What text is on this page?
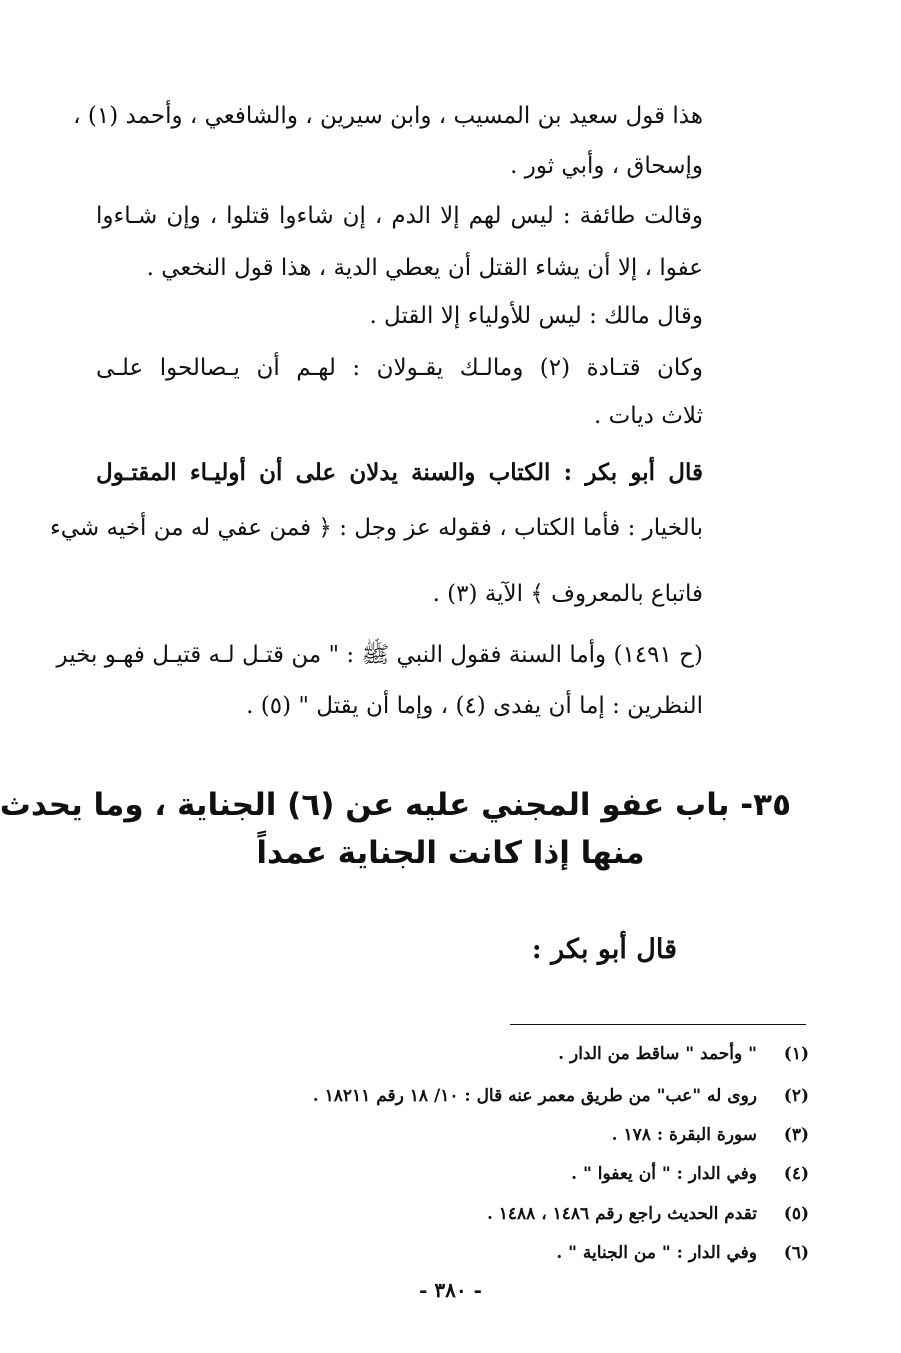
هذا قول سعيد بن المسيب ، وابن سيرين ، والشافعي ، وأحمد (١) ،

وإسحاق ، وأبي ثور .

وقالت طائفة : ليس لهم إلا الدم ، إن شاءوا قتلوا ، وإن شـاءوا

عفوا ، إلا أن يشاء القتل أن يعطي الدية ، هذا قول النخعي .

وقال مالك : ليس للأولياء إلا القتل .

وكان قتـادة (٢) ومالـك يقـولان : لهـم أن يـصالحوا علـى

ثلاث ديات .

قال أبو بكر : الكتاب والسنة يدلان على أن أوليـاء المقتـول

بالخيار : فأما الكتاب ، فقوله عز وجل : ﴿ فمن عفي له من أخيه شيء

فاتباع بالمعروف ﴾ الآية (٣) .

(ح ١٤٩١) وأما السنة فقول النبي ﷺ : " من قتـل لـه قتيـل فهـو بخير

النظرين : إما أن يفدى (٤) ، وإما أن يقتل " (٥) .

٣٥- باب عفو المجني عليه عن (٦) الجناية ، وما يحدث
منها إذا كانت الجناية عمداً

قال أبو بكر :

(١)" وأحمد " ساقط من الدار .

(٢)روى له "عب" من طريق معمر عنه قال : ١٠/ ١٨ رقم ١٨٢١١ .

(٣)سورة البقرة : ١٧٨ .

(٤)وفي الدار : " أن يعفوا " .

(٥)تقدم الحديث راجع رقم ١٤٨٦ ، ١٤٨٨ .

(٦)وفي الدار : " من الجناية " .

- ٣٨٠ -
